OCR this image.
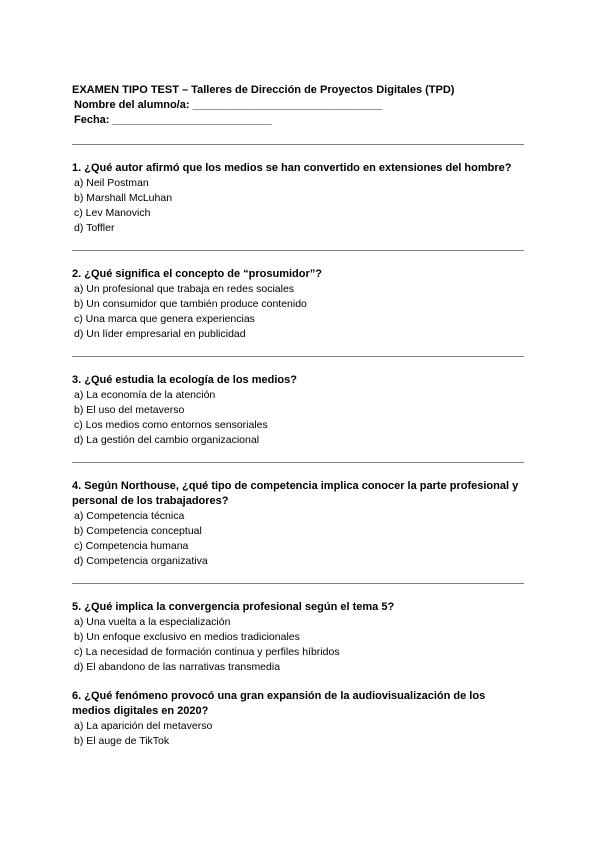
EXAMEN TIPO TEST – Talleres de Dirección de Proyectos Digitales (TPD)
Nombre del alumno/a: _______________________________
Fecha: __________________________
1. ¿Qué autor afirmó que los medios se han convertido en extensiones del hombre?
a) Neil Postman
b) Marshall McLuhan
c) Lev Manovich
d) Toffler
2. ¿Qué significa el concepto de “prosumidor”?
a) Un profesional que trabaja en redes sociales
b) Un consumidor que también produce contenido
c) Una marca que genera experiencias
d) Un líder empresarial en publicidad
3. ¿Qué estudia la ecología de los medios?
a) La economía de la atención
b) El uso del metaverso
c) Los medios como entornos sensoriales
d) La gestión del cambio organizacional
4. Según Northouse, ¿qué tipo de competencia implica conocer la parte profesional y personal de los trabajadores?
a) Competencia técnica
b) Competencia conceptual
c) Competencia humana
d) Competencia organizativa
5. ¿Qué implica la convergencia profesional según el tema 5?
a) Una vuelta a la especialización
b) Un enfoque exclusivo en medios tradicionales
c) La necesidad de formación continua y perfiles híbridos
d) El abandono de las narrativas transmedia
6. ¿Qué fenómeno provocó una gran expansión de la audiovisualización de los medios digitales en 2020?
a) La aparición del metaverso
b) El auge de TikTok
